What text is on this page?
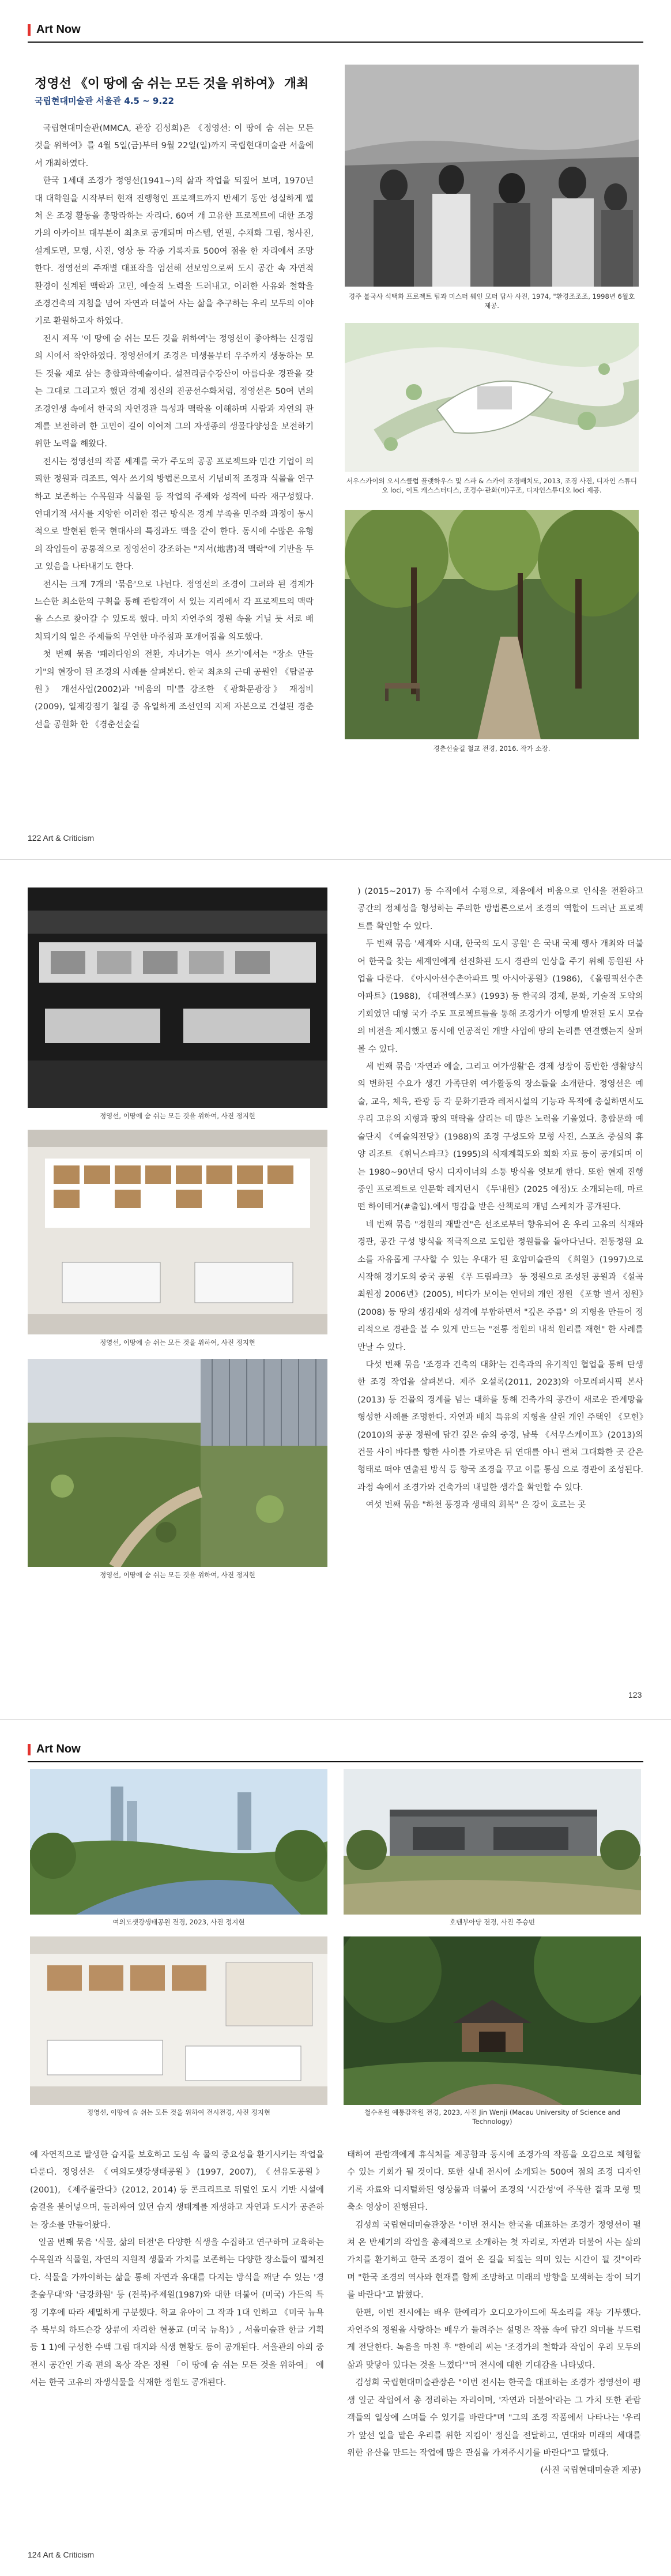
Art Now
정영선 《이 땅에 숨 쉬는 모든 것을 위하여》 개최
국립현대미술관 서울관 4.5 ~ 9.22

국립현대미술관(MMCA, 관장 김성희)은 《정영선: 이 땅에 숨 쉬는 모든 것을 위하여》를 4월 5일(금)부터 9월 22일(일)까지 국립현대미술관 서울에서 개최하였다.

한국 1세대 조경가 정영선(1941~)의 삶과 작업을 되짚어 보며, 1970년대 대학원을 시작부터 현재 진행형인 프로젝트까지 반세기 동안 성실하게 펼쳐 온 조경 활동을 총망라하는 자리다. 60여 개 고유한 프로젝트에 대한 조경가의 아카이브 대부분이 최초로 공개되며 마스텝, 연필, 수채화 그림, 청사진, 설계도면, 모형, 사진, 영상 등 각종 기록자료 500여 점을 한 자리에서 조망한다. 정영선의 주재별 대표작을 엄선해 선보임으로써 도시 공간 속 자연적 환경이 설계된 맥락과 고민, 예술적 노력을 드러내고, 이러한 사유와 철학을 조경건축의 지침을 넘어 자연과 더불어 사는 삶을 추구하는 우리 모두의 이야기로 환원하고자 하였다.

전시 제목 '이 땅에 숨 쉬는 모든 것을 위하여'는 정영선이 좋아하는 신경림의 시에서 착안하였다. 정영선에게 조경은 미생물부터 우주까지 생동하는 모든 것을 재로 삼는 총합과학예술이다. 설전리금수강산이 아름다운 경관을 갖는 그대로 그리고자 했던 경제 정신의 진공선수화처럼, 정영선은 50여 년의 조경인생 속에서 한국의 자연경관 특성과 맥락을 이해하며 사람과 자연의 관계를 보전하려 한 고민이 길이 이어져 그의 자생종의 생물다양성을 보전하기 위한 노력을 해왔다.

전시는 정영선의 작품 세계를 국가 주도의 공공 프로젝트와 민간 기업이 의뢰한 정원과 리조트, 역사 쓰기의 방법론으로서 기념비적 조경과 식물을 연구하고 보존하는 수목원과 식물원 등 작업의 주제와 성격에 따라 재구성했다. 연대기적 서사를 지양한 이러한 접근 방식은 경계 부족을 민주화 과정이 동시적으로 발현된 한국 현대사의 특징과도 맥을 같이 한다. 동시에 수많은 유형의 작업들이 공통적으로 정영선이 강조하는 "지서(地書)적 맥락"에 기반을 두고 있음을 나타내기도 한다.

전시는 크게 7개의 '묶음'으로 나뉜다. 정영선의 조경이 그려와 된 경계가 느슨한 최소한의 구획을 통해 관람객이 서 있는 지리에서 각 프로젝트의 맥락을 스스로 찾아갈 수 있도록 했다. 마치 자연주의 정원 속을 거닐 듯 서로 배치되기의 일은 주제들의 무연한 마주침과 포개어짐을 의도했다.

첫 번째 묶음 '패러다임의 전환, 자녀가는 역사 쓰기'에서는 "장소 만들기"의 현장이 된 조경의 사례를 살펴본다. 한국 최초의 근대 공원인 《탑골공원》 개선사업(2002)과 '비움의 미'를 강조한 《광화문광장》 재정비(2009), 일제강점기 철길 중 유일하게 조선인의 지제 자본으로 건설된 경춘선을 공원화 한 《경춘선숲길

경주 불국사 석택화 프로젝트 팀과 미스터 웨인 모터 답사 사진, 1974, "환경조조조, 1998년 6월호 제공.
서우스카이의 오시스클럽 플랫하우스 및 스파 & 스카이 조경배치도, 2013, 조경 사진, 디자인 스튜디오 loci, 이트 캐스스터디스, 조경수·관화(미)구조, 디자인스튜디오 loci 제공.
경춘선숲길 철교 전경, 2016. 작가 소장.
122 Art & Criticism
정영선, 이땅에 숨 쉬는 모든 것을 위하여, 사진 정지현
정영선, 이땅에 숨 쉬는 모든 것을 위하여, 사진 정지현
정영선, 이땅에 숨 쉬는 모든 것을 위하여, 사진 정지현

) (2015~2017) 등 수직에서 수평으로, 채움에서 비움으로 인식을 전환하고 공간의 정체성을 형성하는 주의한 방법론으로서 조경의 역할이 드러난 프로젝트를 확인할 수 있다.

두 번째 묶음 '세계와 시대, 한국의 도시 공원' 은 국내 국제 행사 개최와 더불어 한국을 찾는 세계인에게 선진화된 도시 경관의 인상을 주기 위해 동원된 사업을 다룬다. 《아시아선수촌아파트 및 아시아공원》(1986), 《올림픽선수촌아파트》(1988), 《대전엑스포》(1993) 등 한국의 경제, 문화, 기술적 도약의 기회였던 대형 국가 주도 프로젝트들을 통해 조경가가 어떻게 발전된 도시 모습의 비전을 제시했고 동시에 인공적인 개발 사업에 땅의 논리를 연결했는지 살펴볼 수 있다.

세 번째 묶음 '자연과 예술, 그리고 여가생활'은 경제 성장이 동반한 생활양식의 변화된 수요가 생긴 가족단위 여가활동의 장소들을 소개한다. 정영선은 예술, 교육, 체육, 관광 등 각 문화기관과 레저시설의 기능과 목적에 충실하면서도 우리 고유의 지형과 땅의 맥락을 살리는 데 많은 노력을 기울였다. 총합문화 예술단지 《예술의전당》(1988)의 조경 구성도와 모형 사진, 스포츠 중심의 휴양 리조트 《휘닉스파크》(1995)의 식재계획도와 회화 자료 등이 공개되며 이는 1980~90년대 당시 디자이너의 소통 방식을 엿보게 한다. 또한 현재 진행 중인 프로젝트로 인문학 레지던시 《두내원》(2025 예정)도 소개되는데, 마르떤 하이테거(#출입).에서 명감을 받은 산책로의 개념 스케치가 공개된다.

네 번째 묶음 "정원의 재발견"은 선조로부터 향유되어 온 우리 고유의 식재와 경관, 공간 구성 방식을 적극적으로 도입한 정원들을 돌아다닌다. 전통정원 요소를 자유롭게 구사할 수 있는 우대가 된 호암미술관의 《희원》(1997)으로 시작해 경기도의 중국 공원 《푸 드림파크》 등 정원으로 조성된 공원과 《설곡 최원정 2006년》(2005), 비다가 보이는 언덕의 개인 정원 《포항 별서 정원》(2008) 등 땅의 생김새와 성격에 부합하면서 "깊은 주름" 의 지형을 만들어 정리적으로 경관을 볼 수 있게 만드는 "전통 정원의 내적 원리를 재현" 한 사례를 만날 수 있다.

다섯 번째 묶음 '조경과 건축의 대화'는 건축과의 유기적인 협업을 통해 탄생한 조경 작업을 살펴본다. 제주 오설록(2011, 2023)와 아모레퍼시픽 본사(2013) 등 건물의 경계를 넘는 대화를 통해 건축가의 공간이 새로운 관계망을 형성한 사례를 조명한다. 자연과 배치 특유의 지형을 살린 개인 주택인 《모헌》(2010)의 공공 정원에 담긴 깊은 숨의 중경, 남북 《서우스케이프》(2013)의 건물 사이 바다를 향한 사이를 가로막은 뒤 연대를 아니 펼쳐 그대화한 곳 같은 형태로 떠야 연출된 방식 등 향국 조경을 꾸고 이를 통심 으로 경관이 조성된다. 과정 속에서 조경가와 건축가의 내밀한 생각을 확인할 수 있다.

여섯 번째 묶음 "하천 풍경과 생태의 회복" 은 강이 흐르는 곳

123
Art Now
여의도샛강생태공원 전경, 2023, 사진 정지현	호텐부아당 전경, 사진 주승민
정영선, 이땅에 숨 쉬는 모든 것을 위하여 전시전경, 사진 정지현	철수운원 예통감작원 전경, 2023, 사진 Jin Wenji (Macau University of Science and Technology)

에 자연적으로 발생한 습지를 보호하고 도심 속 물의 중요성을 환기시키는 작업을 다룬다. 정영선은 《여의도샛강생태공원》(1997, 2007), 《선유도공원》(2001), 《제주롤란다》(2012, 2014) 등 콘크리트로 뒤덮인 도시 기반 시설에 숨결을 불어넣으며, 둘러싸여 있던 습지 생태계를 재생하고 자연과 도시가 공존하는 장소를 만들어왔다.

일곱 번째 묶음 '식물, 삶의 터전'은 다양한 식생을 수집하고 연구하며 교육하는 수목원과 식물원, 자연의 지원적 생물과 가치를 보존하는 다양한 장소들이 펼쳐진다. 식물을 가까이하는 삶을 통해 자연과 유대를 다지는 방식을 깨닫 수 있는 '경춘숲무대'와 '금강화원' 등 (전북)주제원(1987)와 대한 더불어 (미국) 가든의 특징 기후에 따라 세밀하게 구분했다. 학교 유아이 그 작과 1대 인하고 《미국 뉴욕주 북부의 하드슨강 상류에 자리한 현풍교 (미국 뉴욕)》, 서울미술관 한글 기획 등 1 1)에 구성한 수백 그림 대지와 식생 현황도 등이 공개된다. 서울관의 야외 중 전시 공간인 가족 편의 옥상 작은 정원 「이 땅에 숨 쉬는 모든 것을 위하여」 에서는 한국 고유의 자생식물을 식재한 정원도 공개된다.

태하여 관람객에게 휴식처를 제공함과 동시에 조경가의 작품을 오감으로 체험할 수 있는 기회가 될 것이다. 또한 실내 전시에 소개되는 500여 점의 조경 디자인 기록 자료와 디지털화된 영상물과 더불어 조경의 '시간성'에 주목한 결과 모형 및 축소 영상이 진행된다.

김성희 국립현대미술관장은 "이번 전시는 한국을 대표하는 조경가 정영선이 펼쳐 온 반세기의 작업을 총체적으로 소개하는 첫 자리로, 자연과 더불어 사는 삶의 가치를 환기하고 한국 조경이 걸어 온 길을 되짚는 의미 있는 시간이 될 것"이라며 "한국 조경의 역사와 현재를 함께 조망하고 미래의 방향을 모색하는 장이 되기를 바란다"고 밝혔다.

한편, 이번 전시에는 배우 한예리가 오디오가이드에 목소리를 재능 기부했다. 자연주의 정원을 사랑하는 배우가 들려주는 설명은 작품 속에 담긴 의미를 부드럽게 전달한다. 녹음을 마친 후 "한예리 씨는 '조경가의 철학과 작업이 우리 모두의 삶과 맞닿아 있다는 것을 느꼈다'"며 전시에 대한 기대감을 나타냈다.

김성희 국립현대미술관장은 "이번 전시는 한국을 대표하는 조경가 정영선이 평생 일군 작업에서 총 정리하는 자리이며, '자연과 더불어'라는 그 가치 또한 관람객들의 일상에 스며들 수 있기를 바란다"며 "그의 조경 작품에서 나타나는 '우리가 앞선 일을 맡은 우리를 위한 지킴이' 정신을 전달하고, 연대와 미래의 세대를 위한 유산을 만드는 작업에 많은 관심을 가져주시기를 바란다"고 말했다.

(사진 국립현대미술관 제공)

124 Art & Criticism
